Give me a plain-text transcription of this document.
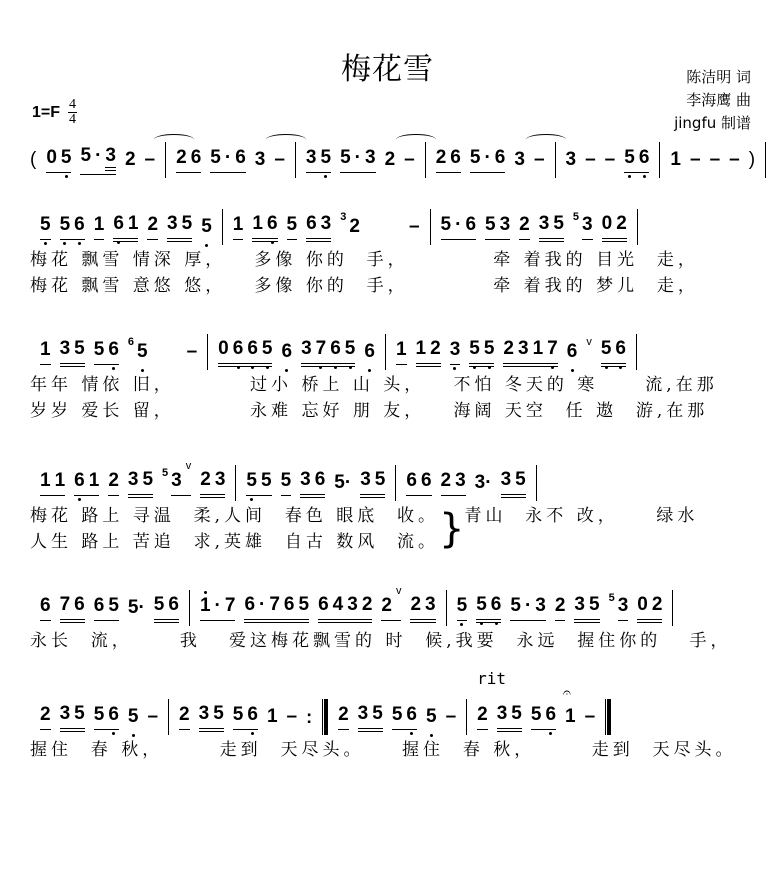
梅花雪	陈洁明 词
李海鹰 曲
jingfu 制谱
1=F 4
4
( 0 5 5 · 3 2 – 2 6 5 · 6 3 – 3 5 5 · 3 2 – 2 6 5 · 6 3 – 3 – – 5 6 1 – – – )
5 5 6 1 6 1 2 3 5 5 1 1 6 5 6 3 3 2	– 5 · 6 5 3 2 3 5 5 3 0 2
梅花 飘雪 情深 厚，   多像 你的  手，         牵 着我的 目光  走，
梅花 飘雪 意悠 悠，   多像 你的  手，         牵 着我的 梦儿  走，
1 3 5 5 6 6 5 – 0 6 6 5 6 3 7 6 5 6 1 1 2 3 5 5 2 3 1 7 6 v 5 6
年年 情依 旧，        过小 桥上 山 头，   不怕 冬天的 寒     流,在那
岁岁 爱长 留，        永难 忘好 朋 友，   海阔 天空  任 遨  游,在那
1 1 6 1 2 3 5 5 3
v
2 3 5 5 5 3 6 5· 3 5 6 6 2 3 3· 3 5
梅花 路上 寻温  柔,人间  春色 眼底  收。
人生 路上 苦追  求,英雄  自古 数风  流。 } 青山  永不 改，    绿水
6 7 6 6 5 5· 5 6 1 · 7 6 · 7 6 5 6 4 3 2 2
v
2 3 5 5 6 5 · 3 2 3 5 5 3 0 2
永长  流，     我   爱这梅花飘雪的 时  候,我要  永远  握住你的   手，
2 3 5 5 6 5 – 2 3 5 5 6 1 – : 2 3 5 5 6 5 –
rit
2 3 5 5 6 1
𝄐
–
握住  春 秋，      走到  天尽头。    握住  春 秋，      走到  天尽头。
